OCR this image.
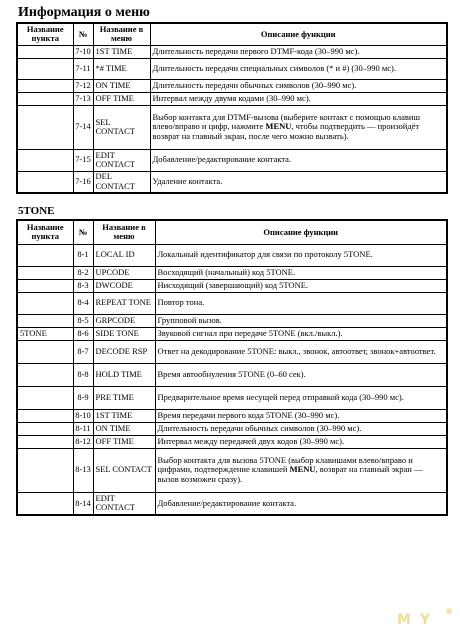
Информация о меню
Название пункта	№	Название в меню	Описание функции
	7-10	1ST TIME	Длительность передачи первого DTMF-кода (30–990 мс).
	7-11	*# TIME	Длительность передачи специальных символов (* и #) (30–990 мс).
	7-12	ON TIME	Длительность передачи обычных символов (30–990 мс).
	7-13	OFF TIME	Интервал между двумя кодами (30–990 мс).
	7-14	SEL CONTACT	Выбор контакта для DTMF-вызова (выберите контакт с помощью клавиш влево/вправо и цифр, нажмите MENU, чтобы подтвердить — произойдёт возврат на главный экран, после чего можно вызвать).
	7-15	EDIT CONTACT	Добавление/редактирование контакта.
	7-16	DEL CONTACT	Удаление контакта.
5TONE
Название пункта	№	Название в меню	Описание функции
	8-1	LOCAL ID	Локальный идентификатор для связи по протоколу 5TONE.
	8-2	UPCODE	Восходящий (начальный) код 5TONE.
	8-3	DWCODE	Нисходящий (завершающий) код 5TONE.
	8-4	REPEAT TONE	Повтор тона.
	8-5	GRPCODE	Групповой вызов.
5TONE	8-6	SIDE TONE	Звуковой сигнал при передаче 5TONE (вкл./выкл.).
	8-7	DECODE RSP	Ответ на декодирование 5TONE: выкл., звонок, автоответ, звонок+автоответ.
	8-8	HOLD TIME	Время автообнуления 5TONE (0–60 сек).
	8-9	PRE TIME	Предварительное время несущей перед отправкой кода (30–990 мс).
	8-10	1ST TIME	Время передачи первого кода 5TONE (30–990 мс).
	8-11	ON TIME	Длительность передачи обычных символов (30–990 мс).
	8-12	OFF TIME	Интервал между передачей двух кодов (30–990 мс).
	8-13	SEL CONTACT	Выбор контакта для вызова 5TONE (выбор клавишами влево/вправо и цифрами, подтверждение клавишей MENU, возврат на главный экран — вызов возможен сразу).
	8-14	EDIT CONTACT	Добавление/редактирование контакта.
M Y
